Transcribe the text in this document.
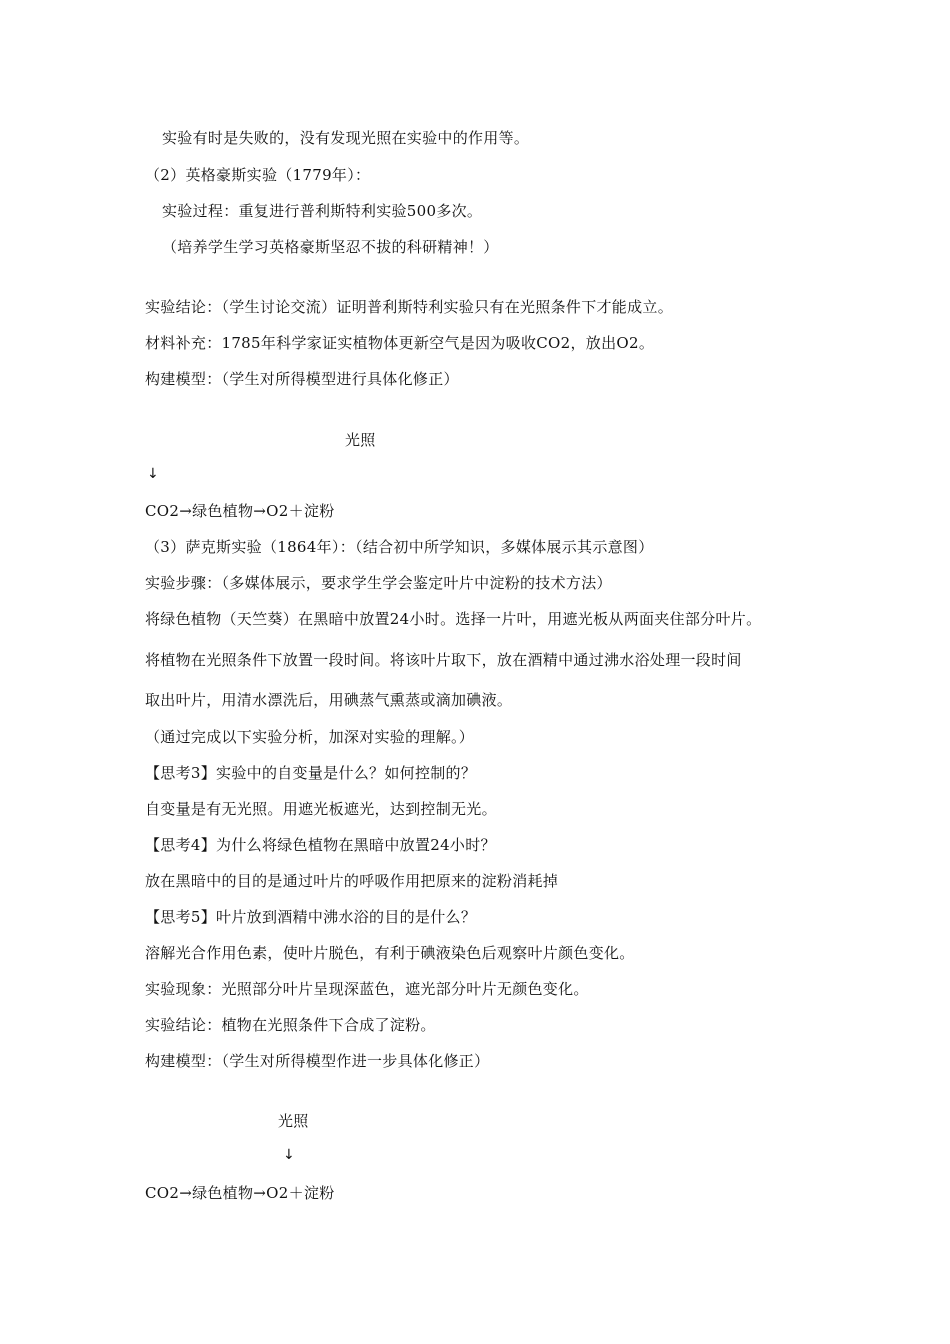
实验有时是失败的，没有发现光照在实验中的作用等。
（2）英格豪斯实验（1779年）：
实验过程：重复进行普利斯特利实验500多次。
（培养学生学习英格豪斯坚忍不拔的科研精神！）
实验结论：（学生讨论交流）证明普利斯特利实验只有在光照条件下才能成立。
材料补充：1785年科学家证实植物体更新空气是因为吸收CO2，放出O2。
构建模型：（学生对所得模型进行具体化修正）
光照
↓
CO2→绿色植物→O2＋淀粉
（3）萨克斯实验（1864年）：（结合初中所学知识，多媒体展示其示意图）
实验步骤：（多媒体展示，要求学生学会鉴定叶片中淀粉的技术方法）
将绿色植物（天竺葵）在黑暗中放置24小时。选择一片叶，用遮光板从两面夹住部分叶片。
将植物在光照条件下放置一段时间。将该叶片取下，放在酒精中通过沸水浴处理一段时间
取出叶片，用清水漂洗后，用碘蒸气熏蒸或滴加碘液。
（通过完成以下实验分析，加深对实验的理解。）
【思考3】实验中的自变量是什么？如何控制的？
自变量是有无光照。用遮光板遮光，达到控制无光。
【思考4】为什么将绿色植物在黑暗中放置24小时？
放在黑暗中的目的是通过叶片的呼吸作用把原来的淀粉消耗掉
【思考5】叶片放到酒精中沸水浴的目的是什么？
溶解光合作用色素，使叶片脱色，有利于碘液染色后观察叶片颜色变化。
实验现象：光照部分叶片呈现深蓝色，遮光部分叶片无颜色变化。
实验结论：植物在光照条件下合成了淀粉。
构建模型：（学生对所得模型作进一步具体化修正）
光照
↓
CO2→绿色植物→O2＋淀粉
